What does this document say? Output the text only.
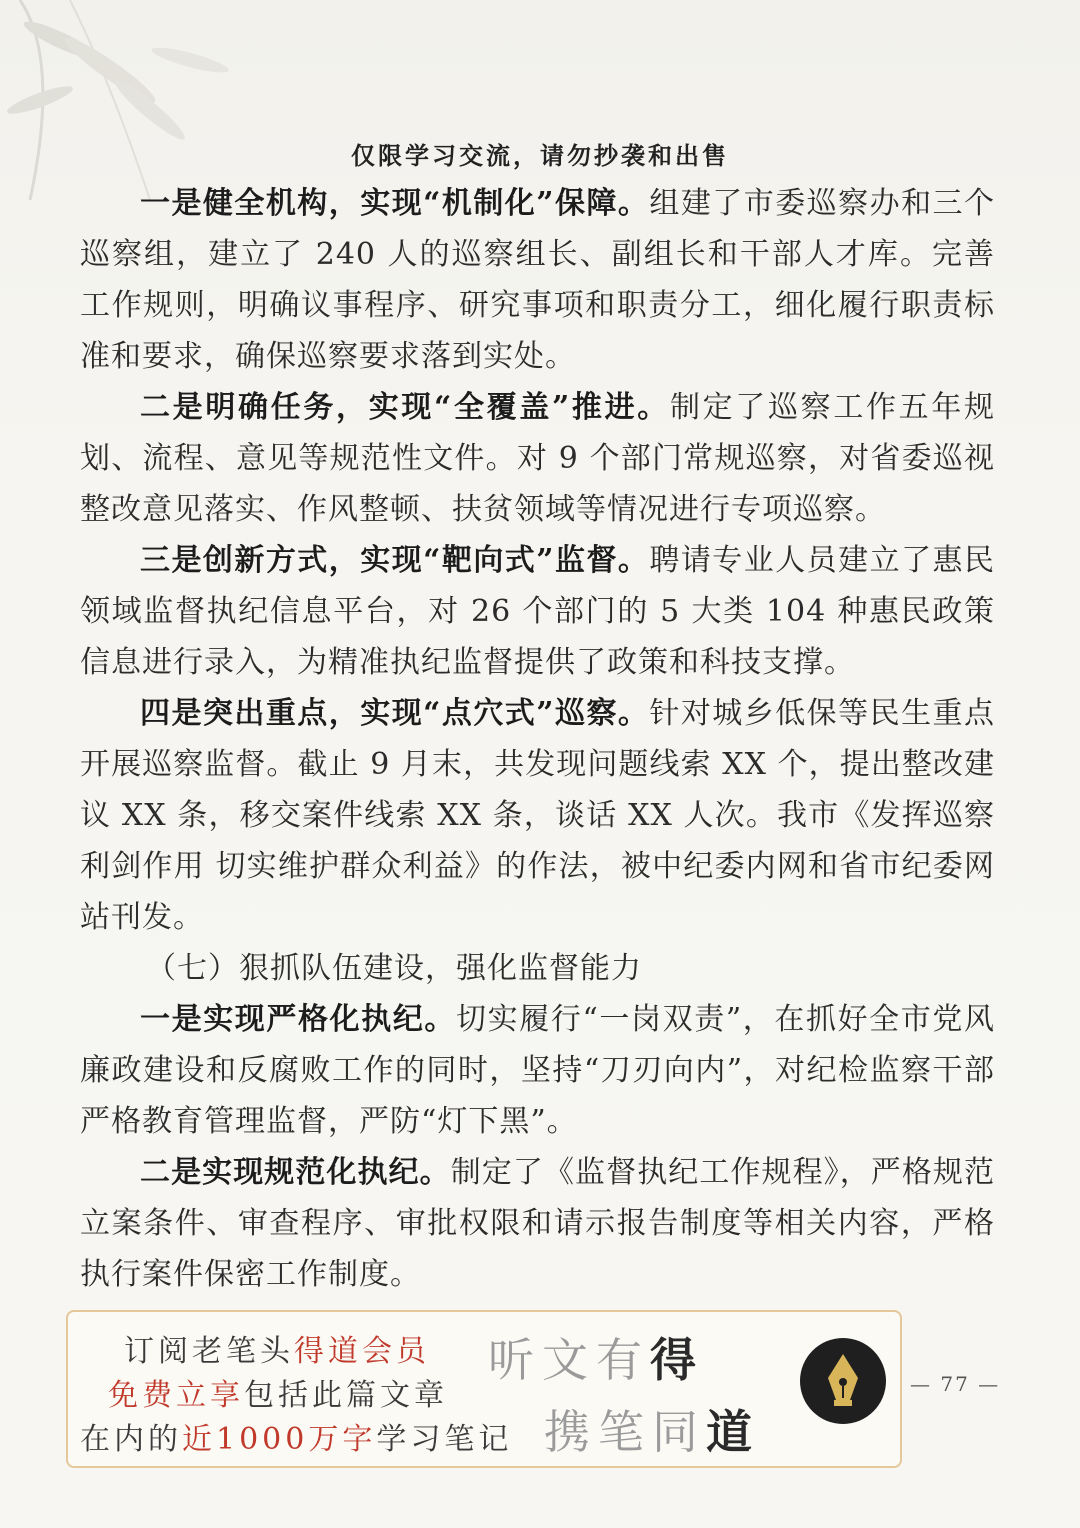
仅限学习交流，请勿抄袭和出售

一是健全机构，实现“机制化”保障。组建了市委巡察办和三个巡察组，建立了 240 人的巡察组长、副组长和干部人才库。完善工作规则，明确议事程序、研究事项和职责分工，细化履行职责标准和要求，确保巡察要求落到实处。

二是明确任务，实现“全覆盖”推进。制定了巡察工作五年规划、流程、意见等规范性文件。对 9 个部门常规巡察，对省委巡视整改意见落实、作风整顿、扶贫领域等情况进行专项巡察。

三是创新方式，实现“靶向式”监督。聘请专业人员建立了惠民领域监督执纪信息平台，对 26 个部门的 5 大类 104 种惠民政策信息进行录入，为精准执纪监督提供了政策和科技支撑。

四是突出重点，实现“点穴式”巡察。针对城乡低保等民生重点开展巡察监督。截止 9 月末，共发现问题线索 XX 个，提出整改建议 XX 条，移交案件线索 XX 条，谈话 XX 人次。我市《发挥巡察利剑作用 切实维护群众利益》的作法，被中纪委内网和省市纪委网站刊发。

（七）狠抓队伍建设，强化监督能力

一是实现严格化执纪。切实履行“一岗双责”，在抓好全市党风廉政建设和反腐败工作的同时，坚持“刀刃向内”，对纪检监察干部严格教育管理监督，严防“灯下黑”。

二是实现规范化执纪。制定了《监督执纪工作规程》，严格规范立案条件、审查程序、审批权限和请示报告制度等相关内容，严格执行案件保密工作制度。

订阅老笔头得道会员
免费立享包括此篇文章
在内的近1000万字学习笔记
听文有得
携笔同道
— 77 —
